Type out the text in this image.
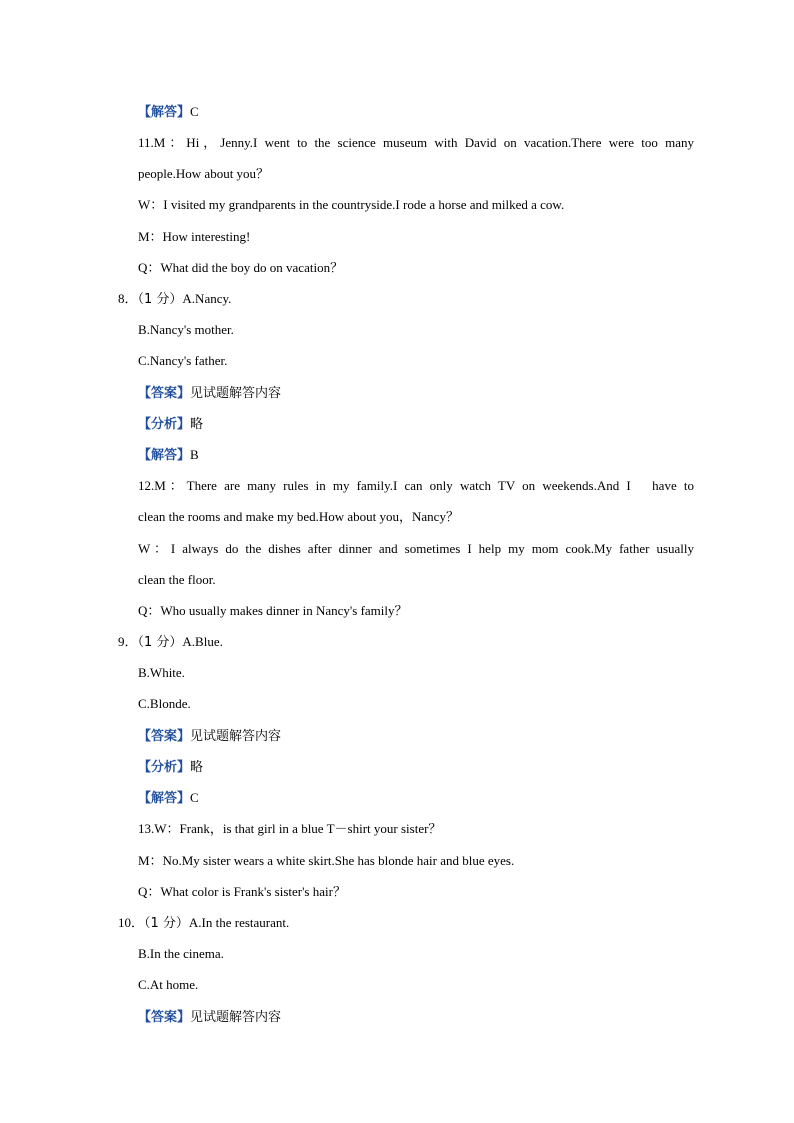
【解答】C
11.M：Hi，Jenny.I went to the science museum with David on vacation.There were too many
people.How about you？
W：I visited my grandparents in the countryside.I rode a horse and milked a cow.
M：How interesting!
Q：What did the boy do on vacation？
8．（1 分）A.Nancy.
B.Nancy's mother.
C.Nancy's father.
【答案】见试题解答内容
【分析】略
【解答】B
12.M：There are many rules in my family.I can only watch TV on weekends.And I   have to
clean the rooms and make my bed.How about you，Nancy？
W：I always do the dishes after dinner and sometimes I help my mom cook.My father usually
clean the floor.
Q：Who usually makes dinner in Nancy's family？
9．（1 分）A.Blue.
B.White.
C.Blonde.
【答案】见试题解答内容
【分析】略
【解答】C
13.W：Frank，is that girl in a blue T－shirt your sister？
M：No.My sister wears a white skirt.She has blonde hair and blue eyes.
Q：What color is Frank's sister's hair？
10．（1 分）A.In the restaurant.
B.In the cinema.
C.At home.
【答案】见试题解答内容
